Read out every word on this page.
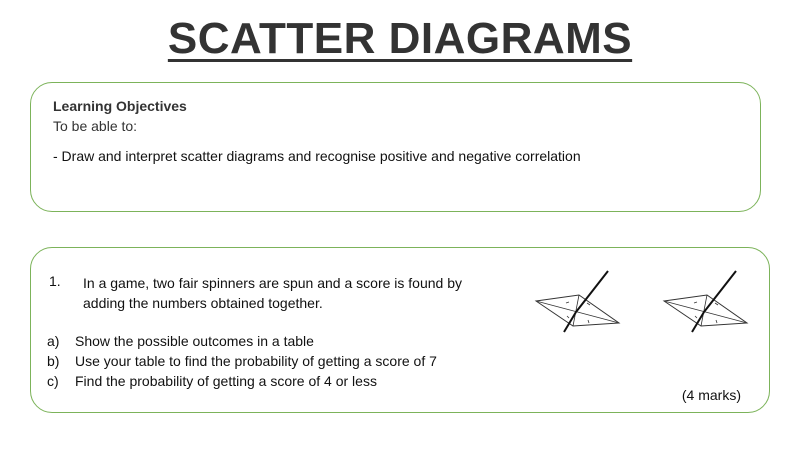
SCATTER DIAGRAMS
Learning Objectives
To be able to:
- Draw and interpret scatter diagrams and recognise positive and negative correlation
1. In a game, two fair spinners are spun and a score is found by adding the numbers obtained together.
a) Show the possible outcomes in a table
b) Use your table to find the probability of getting a score of 7
c) Find the probability of getting a score of 4 or less
(4 marks)
